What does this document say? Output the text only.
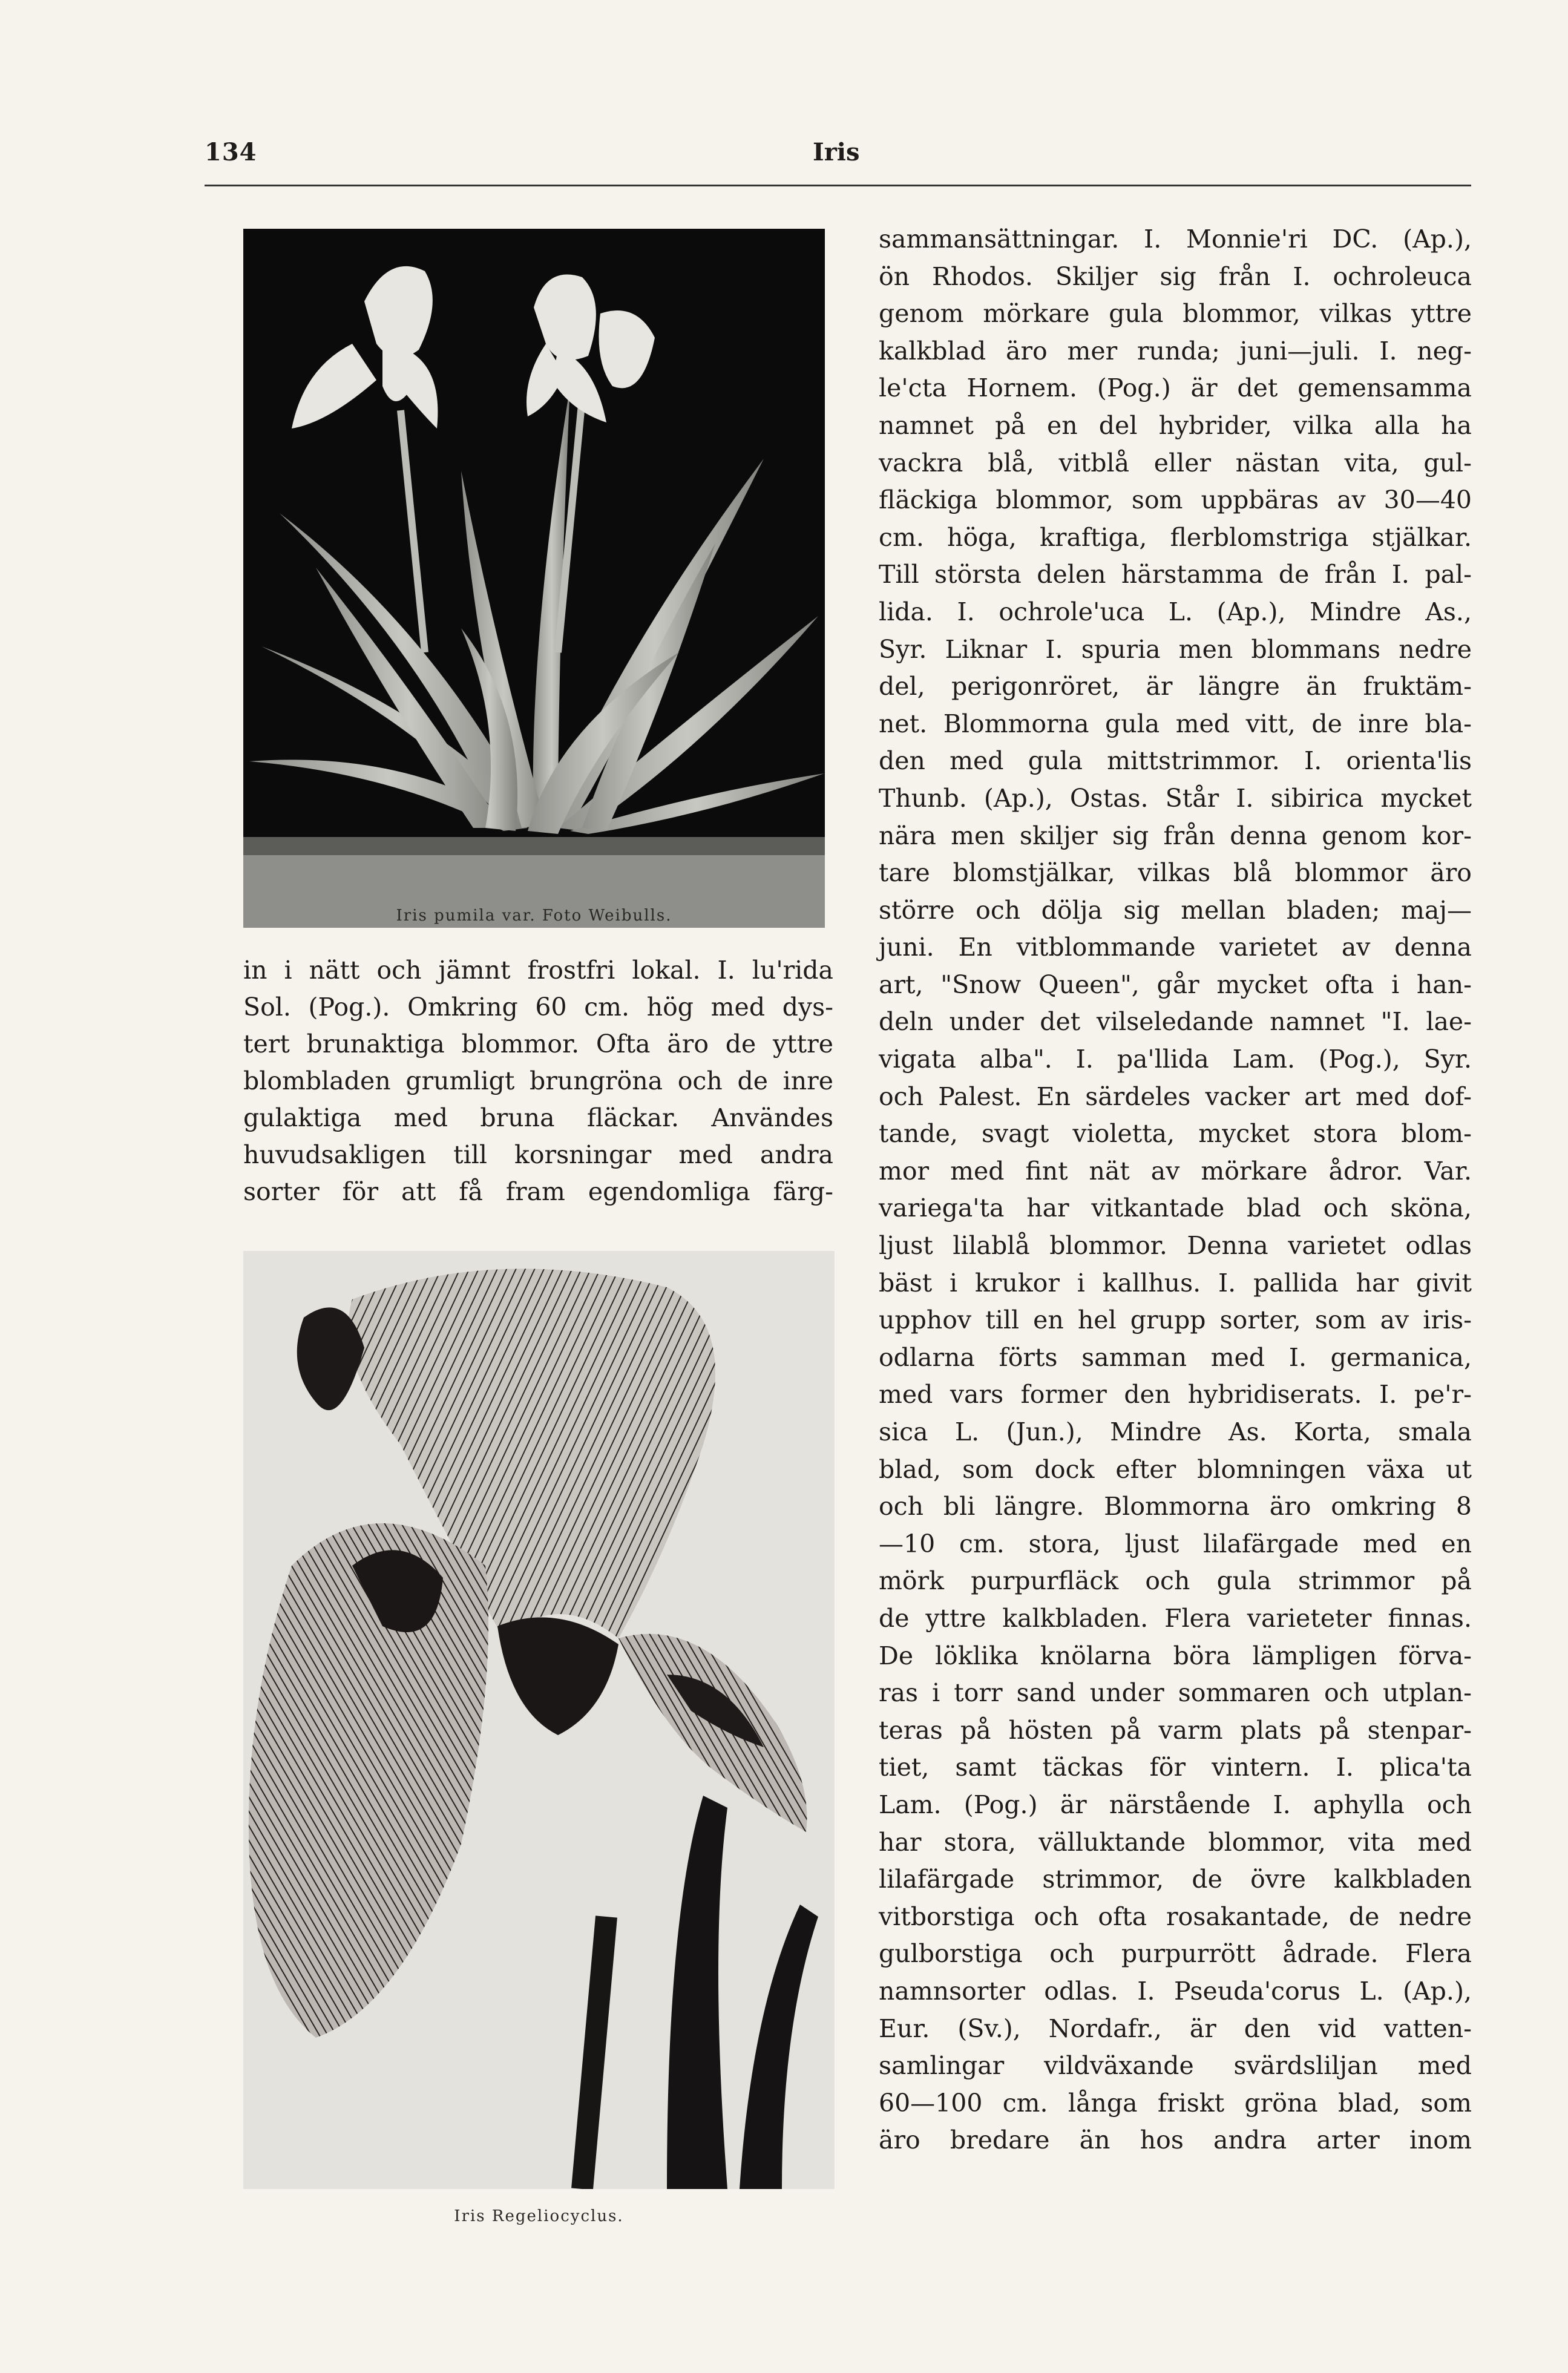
134	Iris
Iris pumila var. Foto Weibulls.
Iris Regeliocyclus.
in i nätt och jämnt frostfri lokal. I. lu'rida
Sol. (Pog.). Omkring 60 cm. hög med dys-
tert brunaktiga blommor. Ofta äro de yttre
blombladen grumligt brungröna och de inre
gulaktiga med bruna fläckar. Användes
huvudsakligen till korsningar med andra
sorter för att få fram egendomliga färg-
sammansättningar. I. Monnie'ri DC. (Ap.),
ön Rhodos. Skiljer sig från I. ochroleuca
genom mörkare gula blommor, vilkas yttre
kalkblad äro mer runda; juni—juli. I. neg-
le'cta Hornem. (Pog.) är det gemensamma
namnet på en del hybrider, vilka alla ha
vackra blå, vitblå eller nästan vita, gul-
fläckiga blommor, som uppbäras av 30—40
cm. höga, kraftiga, flerblomstriga stjälkar.
Till största delen härstamma de från I. pal-
lida. I. ochrole'uca L. (Ap.), Mindre As.,
Syr. Liknar I. spuria men blommans nedre
del, perigonröret, är längre än fruktäm-
net. Blommorna gula med vitt, de inre bla-
den med gula mittstrimmor. I. orienta'lis
Thunb. (Ap.), Ostas. Står I. sibirica mycket
nära men skiljer sig från denna genom kor-
tare blomstjälkar, vilkas blå blommor äro
större och dölja sig mellan bladen; maj—
juni. En vitblommande varietet av denna
art, "Snow Queen", går mycket ofta i han-
deln under det vilseledande namnet "I. lae-
vigata alba". I. pa'llida Lam. (Pog.), Syr.
och Palest. En särdeles vacker art med dof-
tande, svagt violetta, mycket stora blom-
mor med fint nät av mörkare ådror. Var.
variega'ta har vitkantade blad och sköna,
ljust lilablå blommor. Denna varietet odlas
bäst i krukor i kallhus. I. pallida har givit
upphov till en hel grupp sorter, som av iris-
odlarna förts samman med I. germanica,
med vars former den hybridiserats. I. pe'r-
sica L. (Jun.), Mindre As. Korta, smala
blad, som dock efter blomningen växa ut
och bli längre. Blommorna äro omkring 8
—10 cm. stora, ljust lilafärgade med en
mörk purpurfläck och gula strimmor på
de yttre kalkbladen. Flera varieteter finnas.
De löklika knölarna böra lämpligen förva-
ras i torr sand under sommaren och utplan-
teras på hösten på varm plats på stenpar-
tiet, samt täckas för vintern. I. plica'ta
Lam. (Pog.) är närstående I. aphylla och
har stora, välluktande blommor, vita med
lilafärgade strimmor, de övre kalkbladen
vitborstiga och ofta rosakantade, de nedre
gulborstiga och purpurrött ådrade. Flera
namnsorter odlas. I. Pseuda'corus L. (Ap.),
Eur. (Sv.), Nordafr., är den vid vatten-
samlingar vildväxande svärdsliljan med
60—100 cm. långa friskt gröna blad, som
äro bredare än hos andra arter inom
